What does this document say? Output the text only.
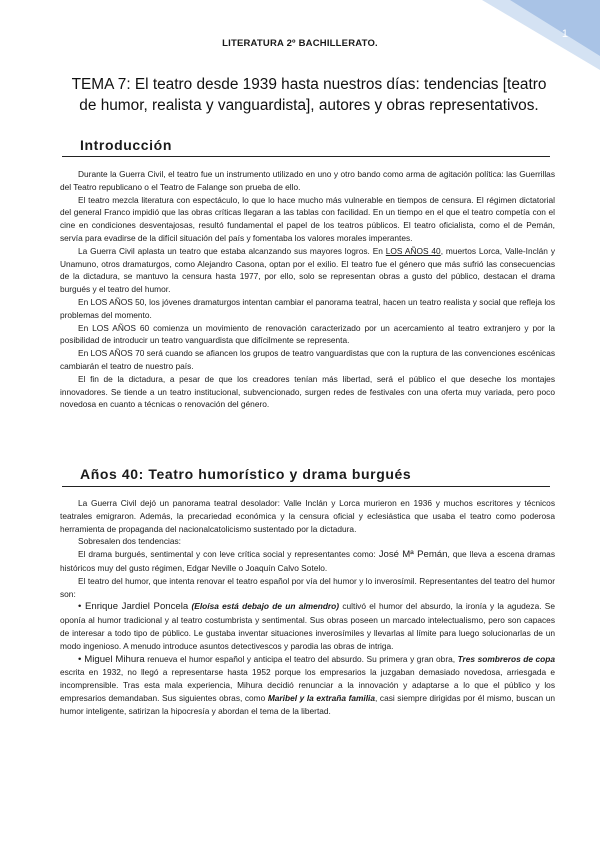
1
LITERATURA 2º BACHILLERATO.
TEMA 7: El teatro desde 1939 hasta nuestros días: tendencias [teatro de humor, realista y vanguardista], autores y obras representativos.
Introducción

Durante la Guerra Civil, el teatro fue un instrumento utilizado en uno y otro bando como arma de agitación política: las Guerrillas del Teatro republicano o el Teatro de Falange son prueba de ello.

El teatro mezcla literatura con espectáculo, lo que lo hace mucho más vulnerable en tiempos de censura. El régimen dictatorial del general Franco impidió que las obras críticas llegaran a las tablas con facilidad. En un tiempo en el que el teatro competía con el cine en condiciones desventajosas, resultó fundamental el papel de los teatros públicos. El teatro oficialista, como el de Pemán, servía para evadirse de la difícil situación del país y fomentaba los valores morales imperantes.

La Guerra Civil aplasta un teatro que estaba alcanzando sus mayores logros. En LOS AÑOS 40, muertos Lorca, Valle-Inclán y Unamuno, otros dramaturgos, como Alejandro Casona, optan por el exilio. El teatro fue el género que más sufrió las consecuencias de la dictadura, se mantuvo la censura hasta 1977, por ello, solo se representan obras a gusto del público, destacan el drama burgués y el teatro del humor.

En LOS AÑOS 50, los jóvenes dramaturgos intentan cambiar el panorama teatral, hacen un teatro realista y social que refleja los problemas del momento.

En LOS AÑOS 60 comienza un movimiento de renovación caracterizado por un acercamiento al teatro extranjero y por la posibilidad de introducir un teatro vanguardista que difícilmente se representa.

En LOS AÑOS 70 será cuando se afiancen los grupos de teatro vanguardistas que con la ruptura de las convenciones escénicas cambiarán el teatro de nuestro país.

El fin de la dictadura, a pesar de que los creadores tenían más libertad, será el público el que deseche los montajes innovadores. Se tiende a un teatro institucional, subvencionado, surgen redes de festivales con una oferta muy variada, pero poco novedosa en cuanto a técnicas o renovación del género.

Años 40: Teatro humorístico y drama burgués

La Guerra Civil dejó un panorama teatral desolador: Valle Inclán y Lorca murieron en 1936 y muchos escritores y técnicos teatrales emigraron. Además, la precariedad económica y la censura oficial y eclesiástica que usaba el teatro como poderosa herramienta de propaganda del nacionalcatolicismo sustentado por la dictadura.

Sobresalen dos tendencias:

El drama burgués, sentimental y con leve crítica social y representantes como: José Mª Pemán, que lleva a escena dramas históricos muy del gusto régimen, Edgar Neville o Joaquín Calvo Sotelo.

El teatro del humor, que intenta renovar el teatro español por vía del humor y lo inverosímil. Representantes del teatro del humor son:

• Enrique Jardiel Poncela (Eloísa está debajo de un almendro) cultivó el humor del absurdo, la ironía y la agudeza. Se oponía al humor tradicional y al teatro costumbrista y sentimental. Sus obras poseen un marcado intelectualismo, pero son capaces de interesar a todo tipo de público. Le gustaba inventar situaciones inverosímiles y llevarlas al límite para luego solucionarlas de un modo ingenioso. A menudo introduce asuntos detectivescos y parodia las obras de intriga.

• Miguel Mihura renueva el humor español y anticipa el teatro del absurdo. Su primera y gran obra, Tres sombreros de copa escrita en 1932, no llegó a representarse hasta 1952 porque los empresarios la juzgaban demasiado novedosa, arriesgada e incomprensible. Tras esta mala experiencia, Mihura decidió renunciar a la innovación y adaptarse a lo que el público y los empresarios demandaban. Sus siguientes obras, como Maribel y la extraña familia, casi siempre dirigidas por él mismo, buscan un humor inteligente, satirizan la hipocresía y abordan el tema de la libertad.
